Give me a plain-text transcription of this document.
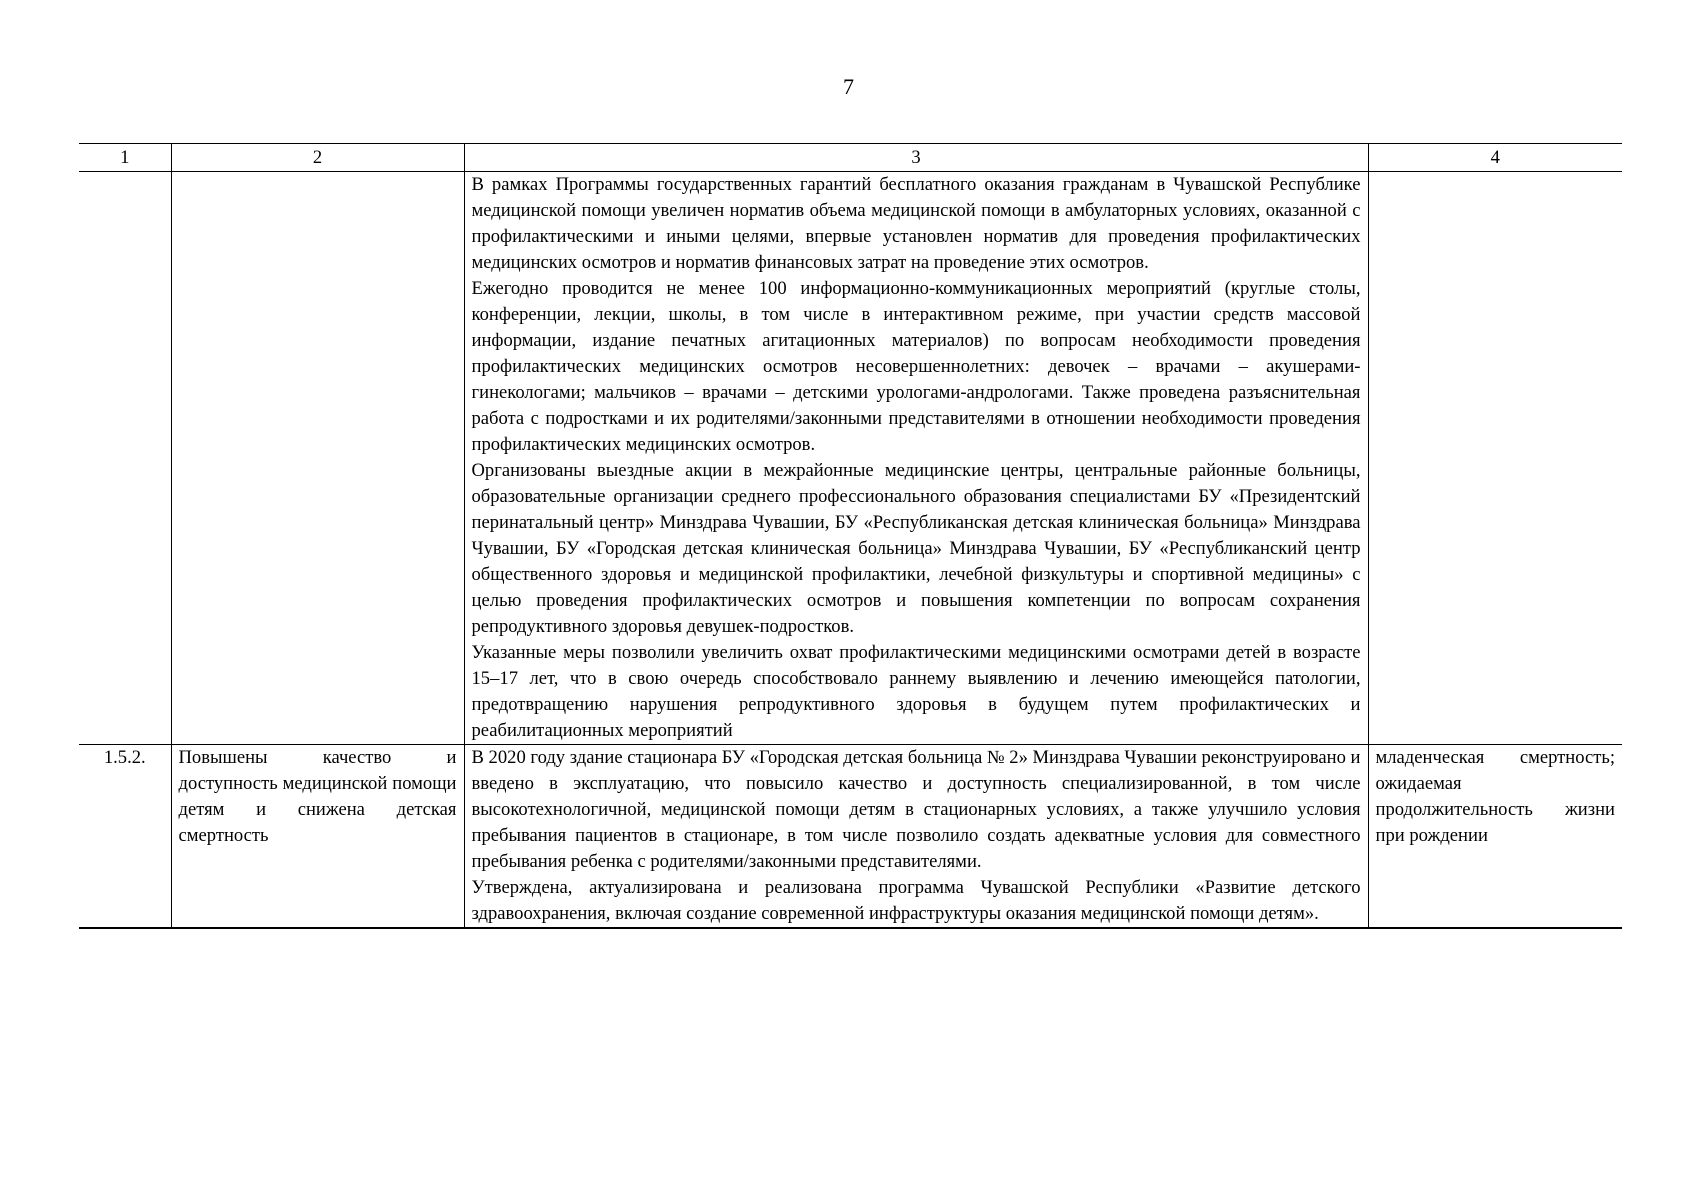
7
1	2	3	4

		В рамках Программы государственных гарантий бесплатного оказания гражданам в Чувашской Республике медицинской помощи увеличен норматив объема медицинской помощи в амбулаторных условиях, оказанной с профилактическими и иными целями, впервые установлен норматив для проведения профилактических медицинских осмотров и норматив финансовых затрат на проведение этих осмотров.

Ежегодно проводится не менее 100 информационно-коммуникационных мероприятий (круглые столы, конференции, лекции, школы, в том числе в интерактивном режиме, при участии средств массовой информации, издание печатных агитационных материалов) по вопросам необходимости проведения профилактических медицинских осмотров несовершеннолетних: девочек – врачами – акушерами-гинекологами; мальчиков – врачами – детскими урологами-андрологами. Также проведена разъяснительная работа с подростками и их родителями/законными представителями в отношении необходимости проведения профилактических медицинских осмотров.

Организованы выездные акции в межрайонные медицинские центры, центральные районные больницы, образовательные организации среднего профессионального образования специалистами БУ «Президентский перинатальный центр» Минздрава Чувашии, БУ «Республиканская детская клиническая больница» Минздрава Чувашии, БУ «Городская детская клиническая больница» Минздрава Чувашии, БУ «Республиканский центр общественного здоровья и медицинской профилактики, лечебной физкультуры и спортивной медицины» с целью проведения профилактических осмотров и повышения компетенции по вопросам сохранения репродуктивного здоровья девушек-подростков.

Указанные меры позволили увеличить охват профилактическими медицинскими осмотрами детей в возрасте 15–17 лет, что в свою очередь способствовало раннему выявлению и лечению имеющейся патологии, предотвращению нарушения репродуктивного здоровья в будущем путем профилактических и реабилитационных мероприятий	

1.5.2.	Повышены качество и доступность медицинской помощи детям и снижена детская смертность	В 2020 году здание стационара БУ «Городская детская больница № 2» Минздрава Чувашии реконструировано и введено в эксплуатацию, что повысило качество и доступность специализированной, в том числе высокотехнологичной, медицинской помощи детям в стационарных условиях, а также улучшило условия пребывания пациентов в стационаре, в том числе позволило создать адекватные условия для совместного пребывания ребенка с родителями/законными представителями.

Утверждена, актуализирована и реализована программа Чувашской Республики «Развитие детского здравоохранения, включая создание современной инфраструктуры оказания медицинской помощи детям».	младенческая смертность; ожидаемая продолжительность жизни при рождении
